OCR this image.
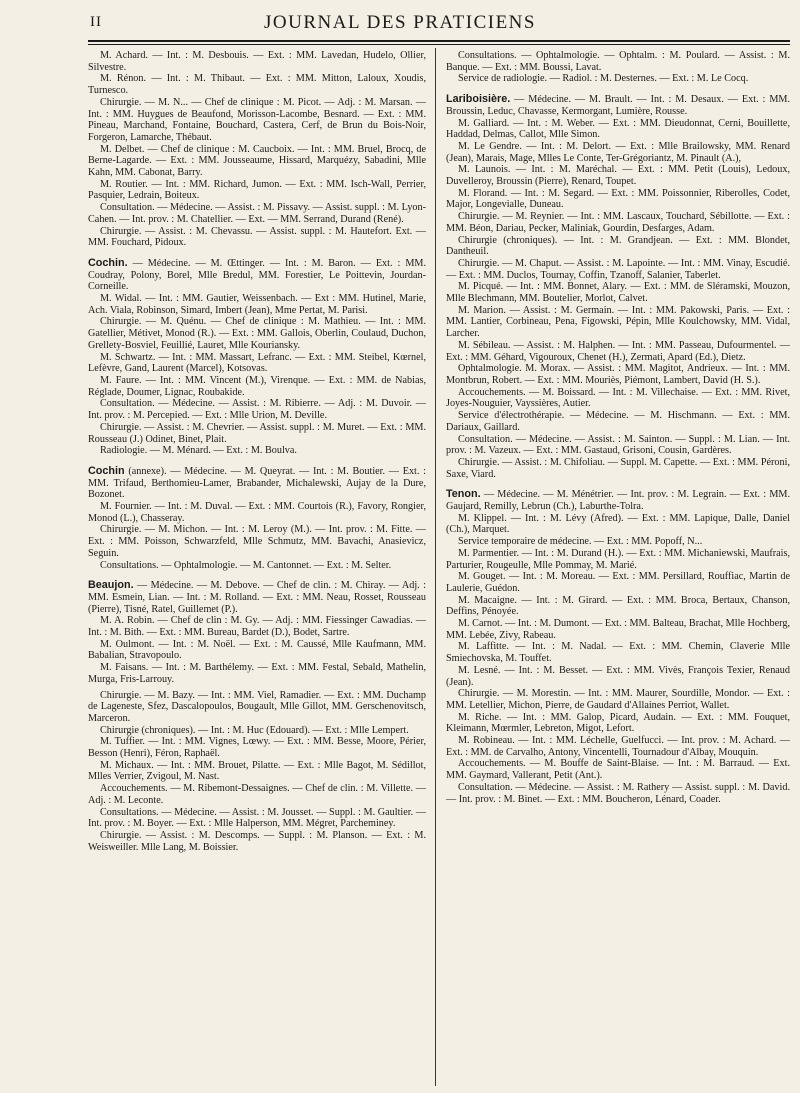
II	JOURNAL DES PRATICIENS

M. Achard. — Int. : M. Desbouis. — Ext. : MM. Lavedan, Hudelo, Ollier, Silvestre.

M. Rénon. — Int. : M. Thibaut. — Ext. : MM. Mitton, Laloux, Xoudis, Turnesco.

Chirurgie. — M. N... — Chef de clinique : M. Picot. — Adj. : M. Marsan. — Int. : MM. Huygues de Beaufond, Morisson-Lacombe, Besnard. — Ext. : MM. Pineau, Marchand, Fontaine, Bouchard, Castera, Cerf, de Brun du Bois-Noir, Forgeron, Lamarche, Thébaut.

M. Delbet. — Chef de clinique : M. Caucboix. — Int. : MM. Bruel, Brocq, de Berne-Lagarde. — Ext. : MM. Jousseaume, Hissard, Marquézy, Sabadini, Mlle Kahn, MM. Cabonat, Barry.

M. Routier. — Int. : MM. Richard, Jumon. — Ext. : MM. Isch-Wall, Perrier, Pasquier, Ledrain, Boiteux.

Consultation. — Médecine. — Assist. : M. Pissavy. — Assist. suppl. : M. Lyon-Cahen. — Int. prov. : M. Chatellier. — Ext. — MM. Serrand, Durand (René).

Chirurgie. — Assist. : M. Chevassu. — Assist. suppl. : M. Hautefort. Ext. — MM. Fouchard, Pidoux.

Cochin. — Médecine. — M. Œttinger. — Int. : M. Baron. — Ext. : MM. Coudray, Polony, Borel, Mlle Bredul, MM. Forestier, Le Poittevin, Jourdan-Corneille.

M. Widal. — Int. : MM. Gautier, Weissenbach. — Ext : MM. Hutinel, Marie, Ach. Viala, Robinson, Simard, Imbert (Jean), Mme Pertat, M. Parisi.

Chirurgie. — M. Quénu. — Chef de clinique : M. Mathieu. — Int. : MM. Gatellier, Métivet, Monod (R.). — Ext. : MM. Gallois, Oberlin, Coulaud, Duchon, Grellety-Bosviel, Feuillié, Lauret, Mlle Kouriansky.

M. Schwartz. — Int. : MM. Massart, Lefranc. — Ext. : MM. Steibel, Kœrnel, Lefèvre, Gand, Laurent (Marcel), Kotsovas.

M. Faure. — Int. : MM. Vincent (M.), Virenque. — Ext. : MM. de Nabias, Réglade, Doumer, Lignac, Roubakide.

Consultation. — Médecine. — Assist. : M. Ribierre. — Adj. : M. Duvoir. — Int. prov. : M. Percepied. — Ext. : Mlle Urion, M. Deville.

Chirurgie. — Assist. : M. Chevrier. — Assist. suppl. : M. Muret. — Ext. : MM. Rousseau (J.) Odinet, Binet, Plait.

Radiologie. — M. Ménard. — Ext. : M. Boulva.

Cochin (annexe). — Médecine. — M. Queyrat. — Int. : M. Boutier. — Ext. : MM. Trifaud, Berthomieu-Lamer, Brabander, Michalewski, Aujay de la Dure, Bozonet.

M. Fournier. — Int. : M. Duval. — Ext. : MM. Courtois (R.), Favory, Rongier, Monod (L.), Chasseray.

Chirurgie. — M. Michon. — Int. : M. Leroy (M.). — Int. prov. : M. Fitte. — Ext. : MM. Poisson, Schwarzfeld, Mlle Schmutz, MM. Bavachi, Anasievicz, Seguin.

Consultations. — Ophtalmologie. — M. Cantonnet. — Ext. : M. Selter.

Beaujon. — Médecine. — M. Debove. — Chef de clin. : M. Chiray. — Adj. : MM. Esmein, Lian. — Int. : M. Rolland. — Ext. : MM. Neau, Rosset, Rousseau (Pierre), Tisné, Ratel, Guillemet (P.).

M. A. Robin. — Chef de clin : M. Gy. — Adj. : MM. Fiessinger Cawadias. — Int. : M. Bith. — Ext. : MM. Bureau, Bardet (D.), Bodet, Sartre.

M. Oulmont. — Int. : M. Noël. — Ext. : M. Caussé, Mlle Kaufmann, MM. Babalian, Stravopoulo.

M. Faisans. — Int. : M. Barthélemy. — Ext. : MM. Festal, Sebald, Mathelin, Murga, Fris-Larrouy.

Chirurgie. — M. Bazy. — Int. : MM. Viel, Ramadier. — Ext. : MM. Duchamp de Lageneste, Sfez, Dascalopoulos, Bougault, Mlle Gillot, MM. Gerschenovitsch, Marceron.

Chirurgie (chroniques). — Int. : M. Huc (Edouard). — Ext. : Mlle Lempert.

M. Tuffier. — Int. : MM. Vignes, Lœwy. — Ext. : MM. Besse, Moore, Périer, Besson (Henri), Féron, Raphaël.

M. Michaux. — Int. : MM. Brouet, Pilatte. — Ext. : Mlle Bagot, M. Sédillot, Mlles Verrier, Zvigoul, M. Nast.

Accouchements. — M. Ribemont-Dessaignes. — Chef de clin. : M. Villette. — Adj. : M. Leconte.

Consultations. — Médecine. — Assist. : M. Jousset. — Suppl. : M. Gaultier. — Int. prov. : M. Boyer. — Ext. : Mlle Halperson, MM. Mégret, Parcheminey.

Chirurgie. — Assist. : M. Descomps. — Suppl. : M. Planson. — Ext. : M. Weisweiller. Mlle Lang, M. Boissier.

Consultations. — Ophtalmologie. — Ophtalm. : M. Poulard. — Assist. : M. Banque. — Ext. : MM. Boussi, Lavat.

Service de radiologie. — Radiol. : M. Desternes. — Ext. : M. Le Cocq.

Lariboisière. — Médecine. — M. Brault. — Int. : M. Desaux. — Ext. : MM. Broussin, Leduc, Chavasse, Kermorgant, Lumière, Rousse.

M. Galliard. — Int. : M. Weber. — Ext. : MM. Dieudonnat, Cerni, Bouillette, Haddad, Delmas, Callot, Mlle Simon.

M. Le Gendre. — Int. : M. Delort. — Ext. : Mlle Brailowsky, MM. Renard (Jean), Marais, Mage, Mlles Le Conte, Ter-Grégoriantz, M. Pinault (A.),

M. Launois. — Int. : M. Maréchal. — Ext. : MM. Petit (Louis), Ledoux, Duvelleroy, Broussin (Pierre), Renard, Toupet.

M. Florand. — Int. : M. Segard. — Ext. : MM. Poissonnier, Riberolles, Codet, Major, Longevialle, Duneau.

Chirurgie. — M. Reynier. — Int. : MM. Lascaux, Touchard, Sébillotte. — Ext. : MM. Béon, Dariau, Pecker, Maliniak, Gourdin, Desfarges, Adam.

Chirurgie (chroniques). — Int. : M. Grandjean. — Ext. : MM. Blondet, Dantheuil.

Chirurgie. — M. Chaput. — Assist. : M. Lapointe. — Int. : MM. Vinay, Escudié. — Ext. : MM. Duclos, Tournay, Coffin, Tzanoff, Salanier, Taberlet.

M. Picqué. — Int. : MM. Bonnet, Alary. — Ext. : MM. de Sléramski, Mouzon, Mlle Blechmann, MM. Boutelier, Morlot, Calvet.

M. Marion. — Assist. : M. Germain. — Int. : MM. Pakowski, Paris. — Ext. : MM. Lantier, Corbineau, Pena, Figowski, Pépin, Mlle Koulchowsky, MM. Vidal, Larcher.

M. Sébileau. — Assist. : M. Halphen. — Int. : MM. Passeau, Dufourmentel. — Ext. : MM. Géhard, Vigouroux, Chenet (H.), Zermati, Apard (Ed.), Dietz.

Ophtalmologie. M. Morax. — Assist. : MM. Magitot, Andrieux. — Int. : MM. Montbrun, Robert. — Ext. : MM. Mouriès, Piémont, Lambert, David (H. S.).

Accouchements. — M. Boissard. — Int. : M. Villechaise. — Ext. : MM. Rivet, Joyes-Nouguier, Vayssières, Autier.

Service d'électrothérapie. — Médecine. — M. Hischmann. — Ext. : MM. Dariaux, Gaillard.

Consultation. — Médecine. — Assist. : M. Sainton. — Suppl. : M. Lian. — Int. prov. : M. Vazeux. — Ext. : MM. Gastaud, Grisoni, Cousin, Gardères.

Chirurgie. — Assist. : M. Chifoliau. — Suppl. M. Capette. — Ext. : MM. Péroni, Saxe, Viard.

Tenon. — Médecine. — M. Ménétrier. — Int. prov. : M. Legrain. — Ext. : MM. Gaujard, Remilly, Lebrun (Ch.), Laburthe-Tolra.

M. Klippel. — Int. : M. Lévy (Afred). — Ext. : MM. Lapique, Dalle, Daniel (Ch.), Marquet.

Service temporaire de médecine. — Ext. : MM. Popoff, N...

M. Parmentier. — Int. : M. Durand (H.). — Ext. : MM. Michaniewski, Maufrais, Parturier, Rougeulle, Mlle Pommay, M. Marié.

M. Gouget. — Int. : M. Moreau. — Ext. : MM. Persillard, Rouffiac, Martin de Laulerie, Guédon.

M. Macaigne. — Int. : M. Girard. — Ext. : MM. Broca, Bertaux, Chanson, Deffins, Pénoyée.

M. Carnot. — Int. : M. Dumont. — Ext. : MM. Balteau, Brachat, Mlle Hochberg, MM. Lebée, Zivy, Rabeau.

M. Laffitte. — Int. : M. Nadal. — Ext. : MM. Chemin, Claverie Mlle Smiechovska, M. Touffet.

M. Lesné. — Int. : M. Besset. — Ext. : MM. Vivès, François Texier, Renaud (Jean).

Chirurgie. — M. Morestin. — Int. : MM. Maurer, Sourdille, Mondor. — Ext. : MM. Letellier, Michon, Pierre, de Gaudard d'Allaines Perriot, Wallet.

M. Riche. — Int. : MM. Galop, Picard, Audain. — Ext. : MM. Fouquet, Kleimann, Mœrmler, Lebreton, Migot, Lefort.

M. Robineau. — Int. : MM. Léchelle, Guelfucci. — Int. prov. : M. Achard. — Ext. : MM. de Carvalho, Antony, Vincentelli, Tournadour d'Albay, Mouquin.

Accouchements. — M. Bouffe de Saint-Blaise. — Int. : M. Barraud. — Ext. MM. Gaymard, Vallerant, Petit (Ant.).

Consultation. — Médecine. — Assist. : M. Rathery — Assist. suppl. : M. David. — Int. prov. : M. Binet. — Ext. : MM. Boucheron, Lénard, Coader.
